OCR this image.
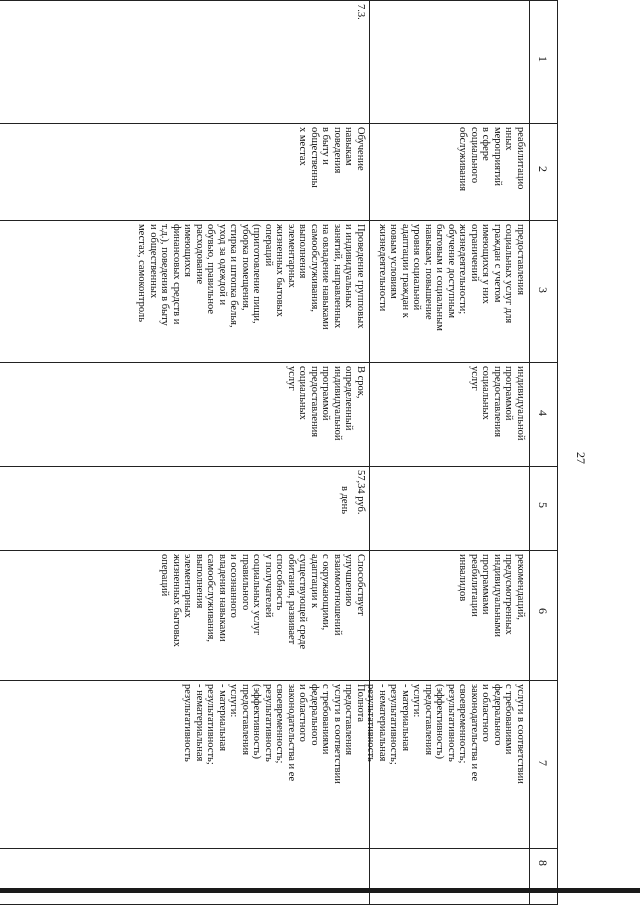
27
1
2
3
4
5
6
7
8
реабилитацио
нных
мероприятий
в сфере
социального
обслуживания
предоставления
социальных услуг для
граждан с учетом
имеющихся у них
ограничений
жизнедеятельности;
обучение доступным
бытовым и социальным
навыкам; повышение
уровня социальной
адаптации граждан к
новым условиям
жизнедеятельности
индивидуальной
программой
предоставления
социальных
услуг
рекомендаций,
предусмотренных
индивидуальными
программами
реабилитации
инвалидов
услуги в соответствии
с требованиями
федерального
и областного
законодательства и ее
своевременность;
результативность
(эффективность)
предоставления
услуги:
- материальная
результативность;
- нематериальная
результативность
7.3.
Обучение
навыкам
поведения
в быту и
общественны
х местах
Проведение групповых
и индивидуальных
занятий, направленных
на овладение навыками
самообслуживания,
выполнения
элементарных
жизненных бытовых
операций
(приготовление пищи,
уборка помещения,
стирка и штопка белья,
уход за одеждой и
обувью, правильное
расходование
имеющихся
финансовых средств и
т.д.), поведения в быту
и общественных
местах, самоконтроль
В срок,
определенный
индивидуальной
программой
предоставления
социальных
услуг
57,34 руб.
в день
Способствует
улучшению
взаимоотношений
с окружающими,
адаптации к
существующей среде
обитания, развивает
способность
у получателей
социальных услуг
правильного
и осознанного
владения навыками
самообслуживания,
выполнения
элементарных
жизненных бытовых
операций
Полнота
предоставления
услуги в соответствии
с требованиями
федерального
и областного
законодательства и ее
своевременность;
результативность
(эффективность)
предоставления
услуги:
- материальная
результативность;
- нематериальная
результативность
